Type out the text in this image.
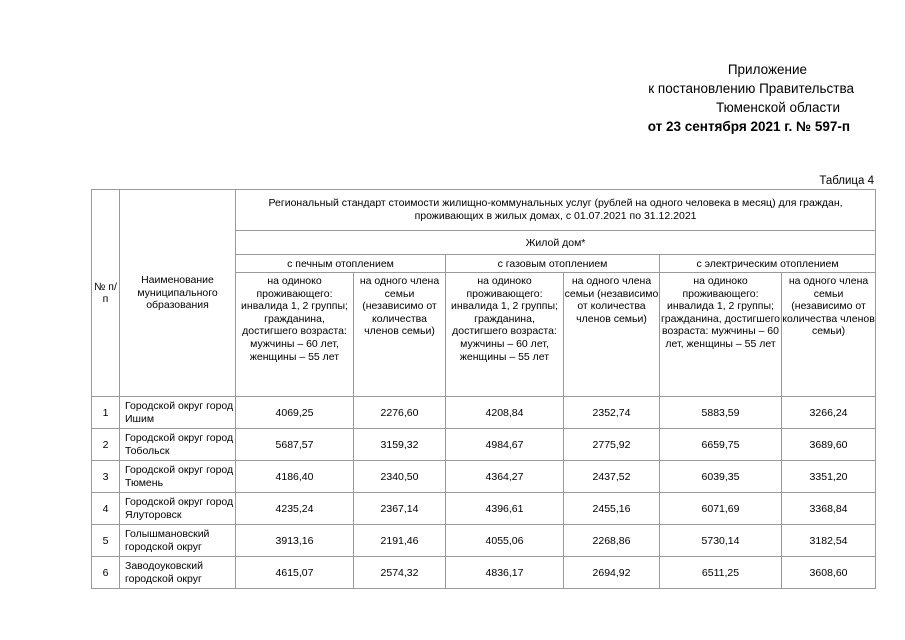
Приложение
к постановлению Правительства
Тюменской области
от 23 сентября 2021 г. № 597-п
Таблица 4
№ п/п	Наименование муниципального образования	Региональный стандарт стоимости жилищно-коммунальных услуг (рублей на одного человека в месяц) для граждан, проживающих в жилых домах, с 01.07.2021 по 31.12.2021					
		Жилой дом*					
		с печным отоплением		с газовым отоплением		с электрическим отоплением	
		на одиноко проживающего: инвалида 1, 2 группы; гражданина, достигшего возраста: мужчины – 60 лет, женщины – 55 лет	на одного члена семьи (независимо от количества членов семьи)	на одиноко проживающего: инвалида 1, 2 группы; гражданина, достигшего возраста: мужчины – 60 лет, женщины – 55 лет	на одного члена семьи (независимо от количества членов семьи)	на одиноко проживающего: инвалида 1, 2 группы; гражданина, достигшего возраста: мужчины – 60 лет, женщины – 55 лет	на одного члена семьи (независимо от количества членов семьи)
1	Городской округ город Ишим	4069,25	2276,60	4208,84	2352,74	5883,59	3266,24
2	Городской округ город Тобольск	5687,57	3159,32	4984,67	2775,92	6659,75	3689,60
3	Городской округ город Тюмень	4186,40	2340,50	4364,27	2437,52	6039,35	3351,20
4	Городской округ город Ялуторовск	4235,24	2367,14	4396,61	2455,16	6071,69	3368,84
5	Голышмановский городской округ	3913,16	2191,46	4055,06	2268,86	5730,14	3182,54
6	Заводоуковский городской округ	4615,07	2574,32	4836,17	2694,92	6511,25	3608,60
